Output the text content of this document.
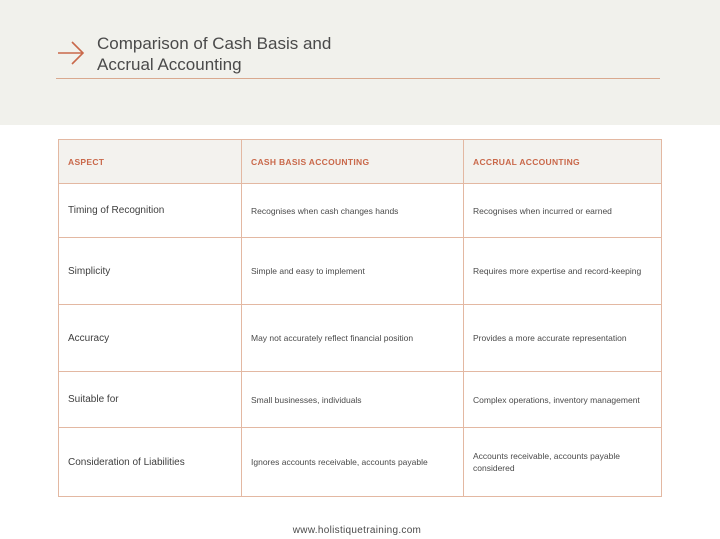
Comparison of Cash Basis and
Accrual Accounting
ASPECT	CASH BASIS ACCOUNTING	ACCRUAL ACCOUNTING
Timing of Recognition	Recognises when cash changes hands	Recognises when incurred or earned
Simplicity	Simple and easy to implement	Requires more expertise and record-keeping
Accuracy	May not accurately reflect financial position	Provides a more accurate representation
Suitable for	Small businesses, individuals	Complex operations, inventory management
Consideration of Liabilities	Ignores accounts receivable, accounts payable	Accounts receivable, accounts payable considered
www.holistiquetraining.com
